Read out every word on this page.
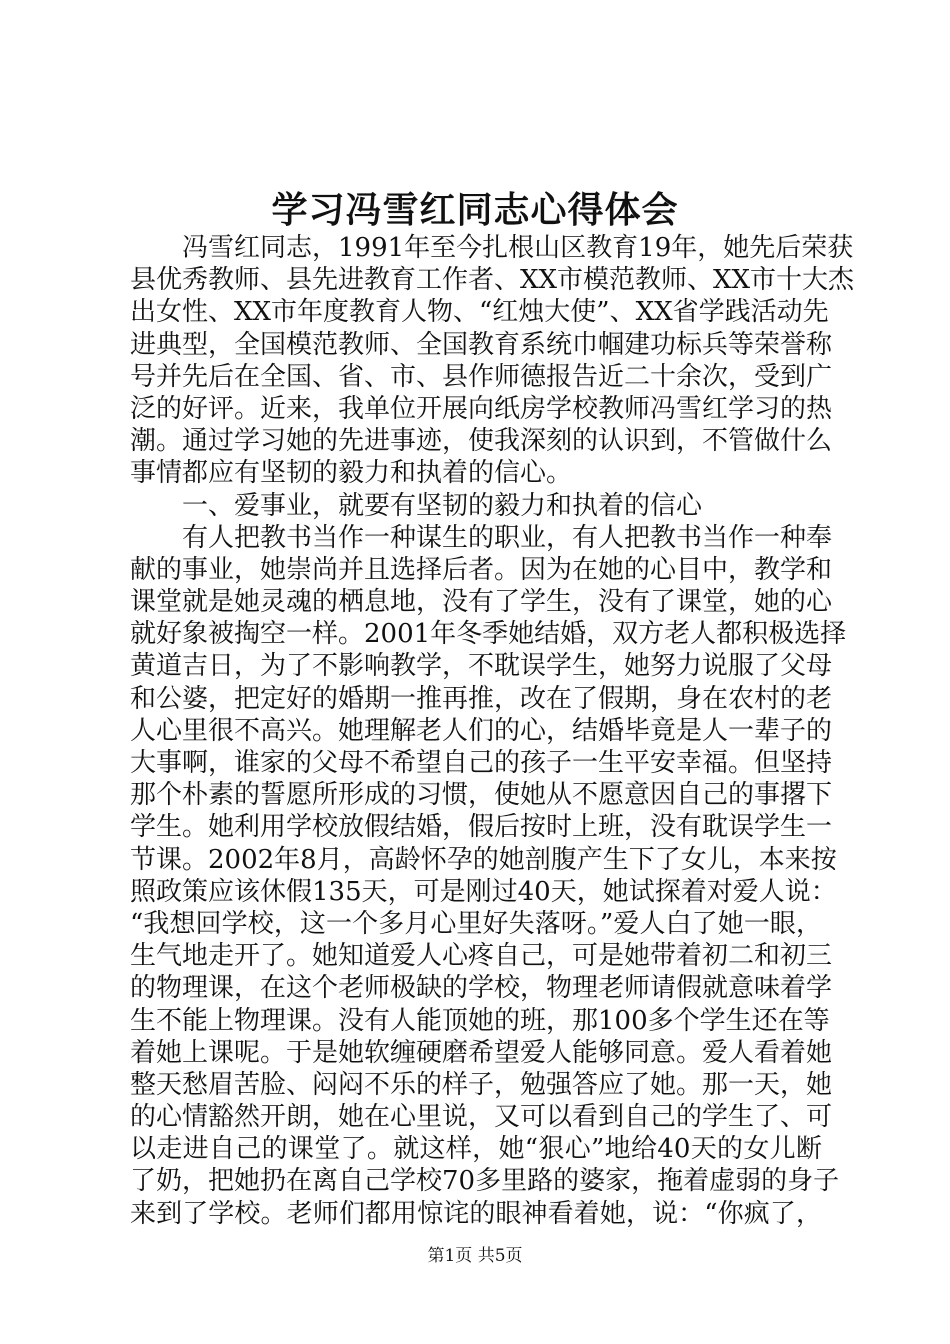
学习冯雪红同志心得体会
冯雪红同志，1991年至今扎根山区教育19年，她先后荣获
县优秀教师、县先进教育工作者、XX市模范教师、XX市十大杰
出女性、XX市年度教育人物、“红烛大使”、XX省学践活动先
进典型，全国模范教师、全国教育系统巾帼建功标兵等荣誉称
号并先后在全国、省、市、县作师德报告近二十余次，受到广
泛的好评。近来，我单位开展向纸房学校教师冯雪红学习的热
潮。通过学习她的先进事迹，使我深刻的认识到，不管做什么
事情都应有坚韧的毅力和执着的信心。
一、爱事业，就要有坚韧的毅力和执着的信心
有人把教书当作一种谋生的职业，有人把教书当作一种奉
献的事业，她崇尚并且选择后者。因为在她的心目中，教学和
课堂就是她灵魂的栖息地，没有了学生，没有了课堂，她的心
就好象被掏空一样。2001年冬季她结婚，双方老人都积极选择
黄道吉日，为了不影响教学，不耽误学生，她努力说服了父母
和公婆，把定好的婚期一推再推，改在了假期，身在农村的老
人心里很不高兴。她理解老人们的心，结婚毕竟是人一辈子的
大事啊，谁家的父母不希望自己的孩子一生平安幸福。但坚持
那个朴素的誓愿所形成的习惯，使她从不愿意因自己的事撂下
学生。她利用学校放假结婚，假后按时上班，没有耽误学生一
节课。2002年8月，高龄怀孕的她剖腹产生下了女儿，本来按
照政策应该休假135天，可是刚过40天，她试探着对爱人说：
“我想回学校，这一个多月心里好失落呀。”爱人白了她一眼，
生气地走开了。她知道爱人心疼自己，可是她带着初二和初三
的物理课，在这个老师极缺的学校，物理老师请假就意味着学
生不能上物理课。没有人能顶她的班，那100多个学生还在等
着她上课呢。于是她软缠硬磨希望爱人能够同意。爱人看着她
整天愁眉苦脸、闷闷不乐的样子，勉强答应了她。那一天，她
的心情豁然开朗，她在心里说，又可以看到自己的学生了、可
以走进自己的课堂了。就这样，她“狠心”地给40天的女儿断
了奶，把她扔在离自己学校70多里路的婆家，拖着虚弱的身子
来到了学校。老师们都用惊诧的眼神看着她，说：“你疯了，
第1页 共5页
